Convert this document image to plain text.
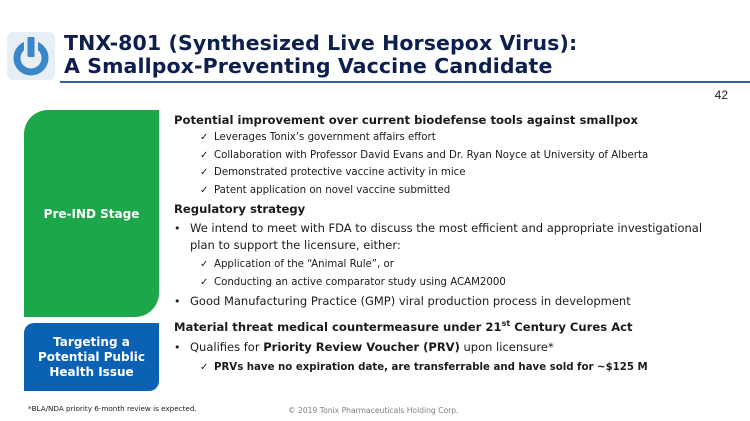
TNX-801 (Synthesized Live Horsepox Virus):
A Smallpox-Preventing Vaccine Candidate
42
Pre-IND Stage
Targeting a
Potential Public
Health Issue
Potential improvement over current biodefense tools against smallpox
✓ Leverages Tonix’s government affairs effort
✓ Collaboration with Professor David Evans and Dr. Ryan Noyce at University of Alberta
✓ Demonstrated protective vaccine activity in mice
✓ Patent application on novel vaccine submitted
Regulatory strategy
• We intend to meet with FDA to discuss the most efficient and appropriate investigational
plan to support the licensure, either:
✓ Application of the “Animal Rule”, or
✓ Conducting an active comparator study using ACAM2000
• Good Manufacturing Practice (GMP) viral production process in development
Material threat medical countermeasure under 21st Century Cures Act
• Qualifies for Priority Review Voucher (PRV) upon licensure*
✓ PRVs have no expiration date, are transferrable and have sold for ~$125 M
*BLA/NDA priority 6-month review is expected.	© 2019 Tonix Pharmaceuticals Holding Corp.
